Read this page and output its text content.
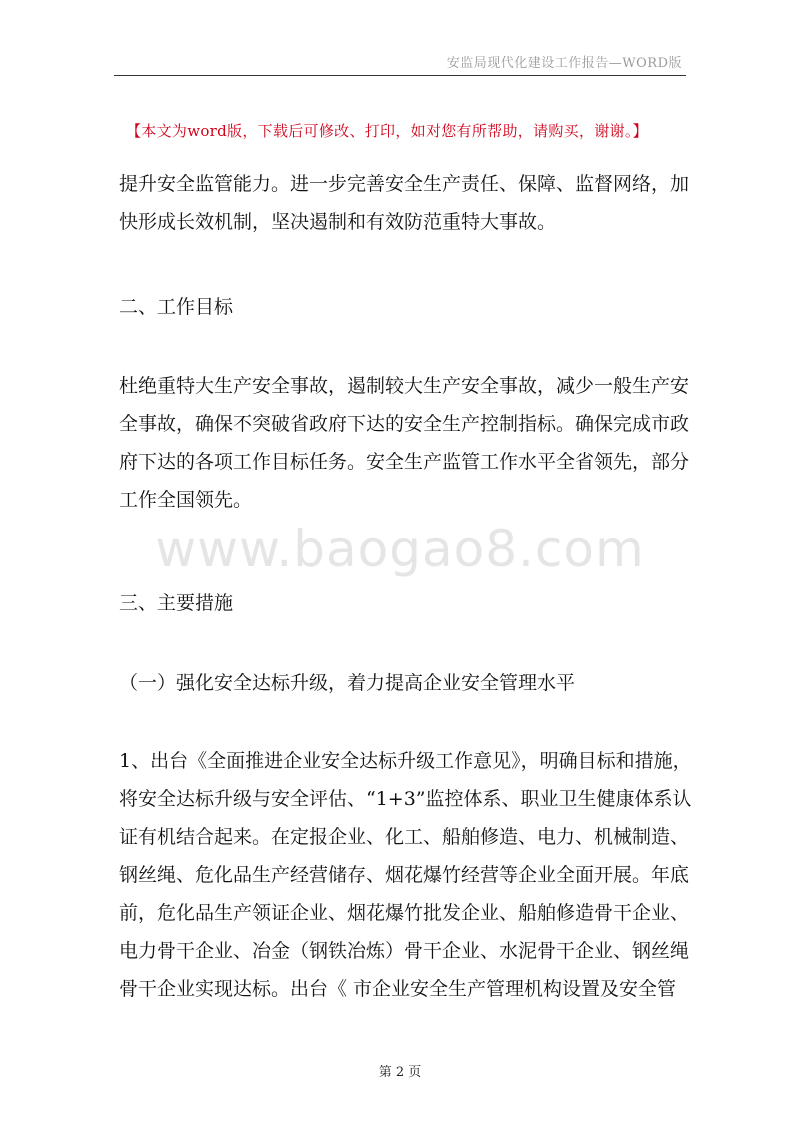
安监局现代化建设工作报告—WORD版
【本文为word版，下载后可修改、打印，如对您有所帮助，请购买，谢谢。】

提升安全监管能力。进一步完善安全生产责任、保障、监督网络，加
快形成长效机制，坚决遏制和有效防范重特大事故。

二、工作目标

杜绝重特大生产安全事故，遏制较大生产安全事故，减少一般生产安
全事故，确保不突破省政府下达的安全生产控制指标。确保完成市政
府下达的各项工作目标任务。安全生产监管工作水平全省领先，部分
工作全国领先。

三、主要措施

（一）强化安全达标升级，着力提高企业安全管理水平

1、出台《全面推进企业安全达标升级工作意见》，明确目标和措施，
将安全达标升级与安全评估、“1+3”监控体系、职业卫生健康体系认
证有机结合起来。在定报企业、化工、船舶修造、电力、机械制造、
钢丝绳、危化品生产经营储存、烟花爆竹经营等企业全面开展。年底
前，危化品生产领证企业、烟花爆竹批发企业、船舶修造骨干企业、
电力骨干企业、冶金（钢铁冶炼）骨干企业、水泥骨干企业、钢丝绳
骨干企业实现达标。出台《 市企业安全生产管理机构设置及安全管

www.baogao8.com
第 2 页
